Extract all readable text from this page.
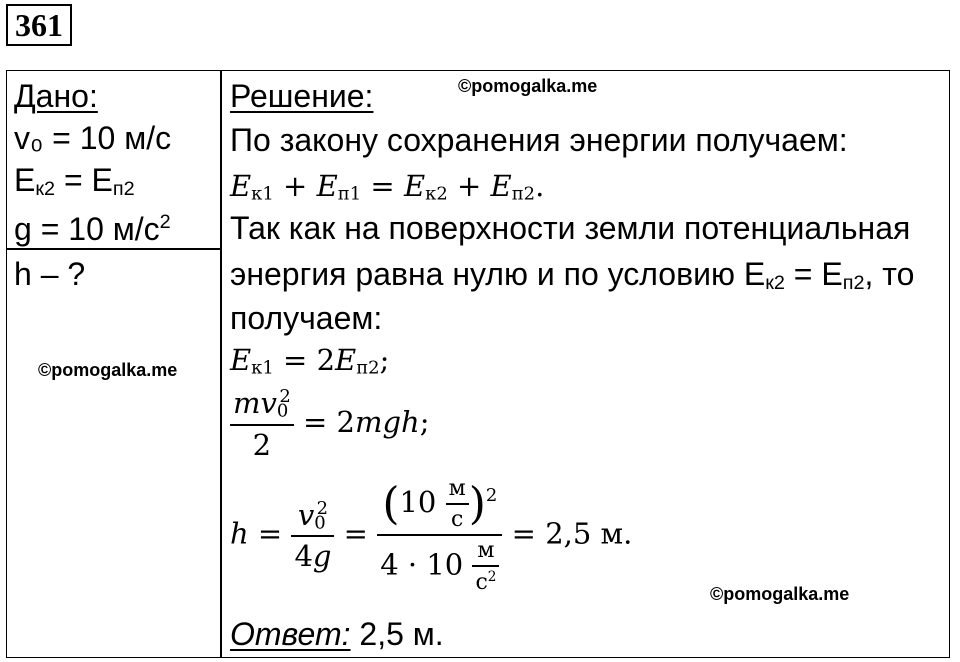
361
Дано:
v₀ = 10 м/с
$E_{к2} = E_{п2}$
g = 10 $м/с^2$
h – ?
Решение:
По закону сохранения энергии получаем:
$E_{к1} + E_{п1} = E_{к2} + E_{п2}$.
Так как на поверхности земли потенциальная
энергия равна нулю и по условию $E_{к2} = E_{п2}$, то
получаем:
$E_{к1} = 2E_{п2}$;
$\frac{mv_0^2}{2} = 2mgh$;
$h = \frac{v_0^2}{4g} = \frac{(10 \frac{м}{с} )^2}{4 \cdot 10 \frac{м}{с^2}} = 2,5$ м.
Ответ: 2,5 м.
©pomogalka.me
©pomogalka.me
©pomogalka.me
